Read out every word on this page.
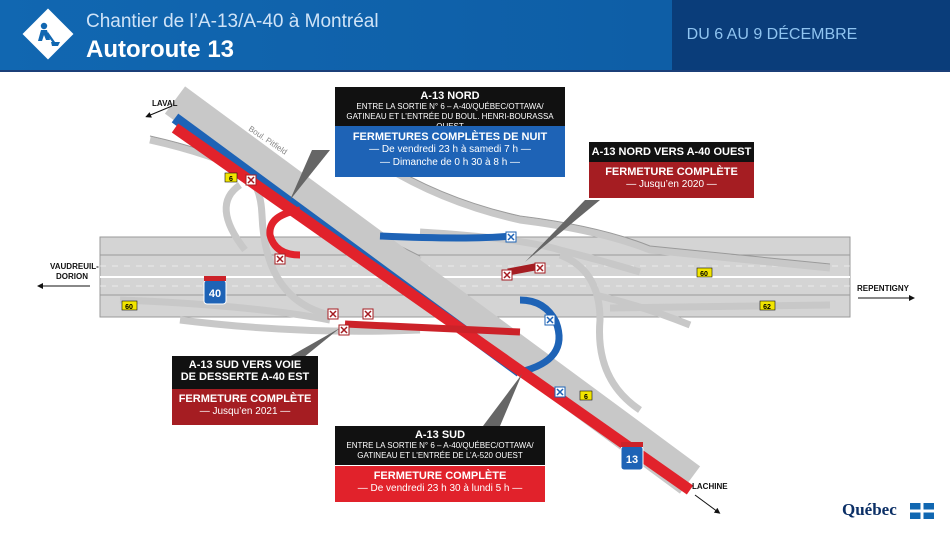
Chantier de l’A-13/A-40 à Montréal
Autoroute 13
DU 6 AU 9 DÉCEMBRE
40
13
6
6
60
60
62
Boul. Pitfield
LAVAL
VAUDREUIL-
DORION
REPENTIGNY
LACHINE
A-13 NORD
ENTRE LA SORTIE N° 6 – A-40/QUÉBEC/OTTAWA/
GATINEAU ET L’ENTRÉE DU BOUL. HENRI-BOURASSA
FERMETURES COMPLÈTES DE NUIT
— De vendredi 23 h à samedi 7 h —
— Dimanche de 0 h 30 à 8 h —
A-13 NORD VERS A-40 OUEST
FERMETURE COMPLÈTE
— Jusqu’en 2020 —
A-13 SUD VERS VOIE
DE DESSERTE A-40 EST
FERMETURE COMPLÈTE
— Jusqu’en 2021 —
A-13 SUD
ENTRE LA SORTIE N° 6 – A-40/QUÉBEC/OTTAWA/
GATINEAU ET L’ENTRÉE DE L’A-520 OUEST
FERMETURE COMPLÈTE
— De vendredi 23 h 30 à lundi 5 h —
Québec
